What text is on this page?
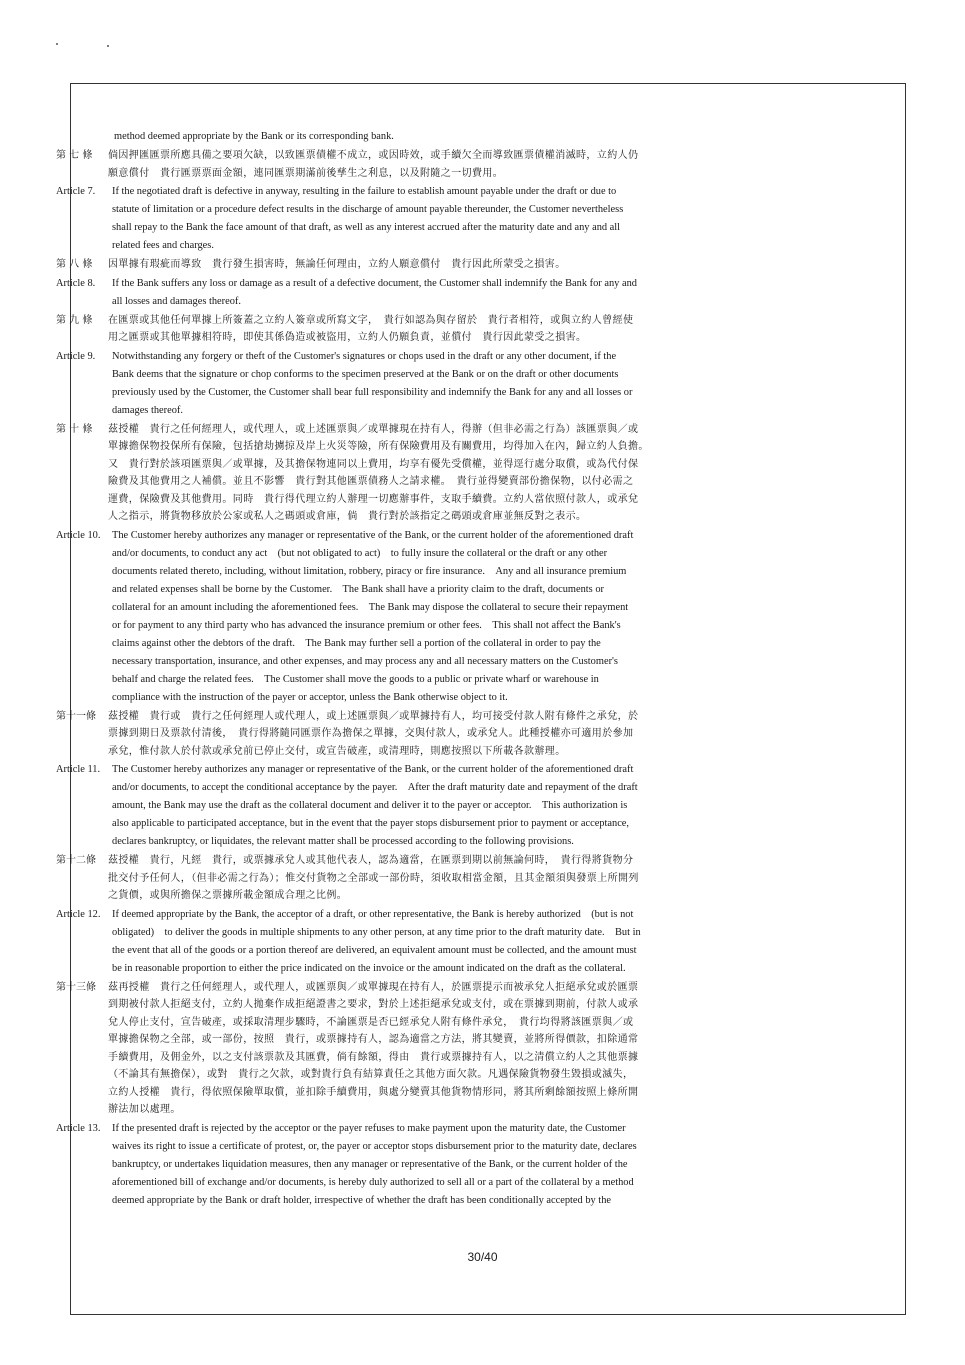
method deemed appropriate by the Bank or its corresponding bank.
第 七 條	倘因押匯匯票所應具備之要項欠缺，以致匯票債權不成立，或因時效，或手續欠全而導致匯票債權消滅時，立約人仍
願意償付　貴行匯票票面金額，連同匯票期滿前後孳生之利息，以及附隨之一切費用。
Article 7.	If the negotiated draft is defective in anyway, resulting in the failure to establish amount payable under the draft or due to
statute of limitation or a procedure defect results in the discharge of amount payable thereunder, the Customer nevertheless
shall repay to the Bank the face amount of that draft, as well as any interest accrued after the maturity date and any and all
related fees and charges.
第 八 條	因單據有瑕疵而導致　貴行發生損害時，無論任何理由，立約人願意償付　貴行因此所蒙受之損害。
Article 8.	If the Bank suffers any loss or damage as a result of a defective document, the Customer shall indemnify the Bank for any and
all losses and damages thereof.
第 九 條	在匯票或其他任何單據上所簽蓋之立約人簽章或所寫文字，　貴行如認為與存留於　貴行者相符，或與立約人曾經使
用之匯票或其他單據相符時，即使其係偽造或被盜用，立約人仍願負責，並償付　貴行因此蒙受之損害。
Article 9.	Notwithstanding any forgery or theft of the Customer's signatures or chops used in the draft or any other document, if the
Bank deems that the signature or chop conforms to the specimen preserved at the Bank or on the draft or other documents
previously used by the Customer, the Customer shall bear full responsibility and indemnify the Bank for any and all losses or
damages thereof.
第 十 條	茲授權　貴行之任何經理人，或代理人，或上述匯票與／或單據現在持有人，得辦（但非必需之行為）該匯票與／或
單據擔保物投保所有保險，包括搶劫擄掠及岸上火災等險，所有保險費用及有關費用，均得加入在內，歸立約人負擔。
又　貴行對於該項匯票與／或單據，及其擔保物連同以上費用，均享有優先受償權，並得逕行處分取償，或為代付保
險費及其他費用之人補償。並且不影響　貴行對其他匯票債務人之請求權。　貴行並得變賣部份擔保物，以付必需之
運費，保險費及其他費用。同時　貴行得代理立約人辦理一切應辦事件，支取手續費。立約人當依照付款人，或承兌
人之指示，將貨物移放於公家或私人之碼頭或倉庫，倘　貴行對於該指定之碼頭或倉庫並無反對之表示。
Article 10.	The Customer hereby authorizes any manager or representative of the Bank, or the current holder of the aforementioned draft
and/or documents, to conduct any act　(but not obligated to act)　to fully insure the collateral or the draft or any other
documents related thereto, including, without limitation, robbery, piracy or fire insurance.　Any and all insurance premium
and related expenses shall be borne by the Customer.　The Bank shall have a priority claim to the draft, documents or
collateral for an amount including the aforementioned fees.　The Bank may dispose the collateral to secure their repayment
or for payment to any third party who has advanced the insurance premium or other fees.　This shall not affect the Bank's
claims against other the debtors of the draft.　The Bank may further sell a portion of the collateral in order to pay the
necessary transportation, insurance, and other expenses, and may process any and all necessary matters on the Customer's
behalf and charge the related fees.　The Customer shall move the goods to a public or private wharf or warehouse in
compliance with the instruction of the payer or acceptor, unless the Bank otherwise object to it.
第十一條	茲授權　貴行或　貴行之任何經理人或代理人，或上述匯票與／或單據持有人，均可接受付款人附有條件之承兌，於
票據到期日及票款付清後，　貴行得將隨同匯票作為擔保之單據，交與付款人，或承兌人。此種授權亦可適用於參加
承兌，惟付款人於付款或承兌前已停止交付，或宣告破產，或清理時，則應按照以下所載各款辦理。
Article 11.	The Customer hereby authorizes any manager or representative of the Bank, or the current holder of the aforementioned draft
and/or documents, to accept the conditional acceptance by the payer.　After the draft maturity date and repayment of the draft
amount, the Bank may use the draft as the collateral document and deliver it to the payer or acceptor.　This authorization is
also applicable to participated acceptance, but in the event that the payer stops disbursement prior to payment or acceptance,
declares bankruptcy, or liquidates, the relevant matter shall be processed according to the following provisions.
第十二條	茲授權　貴行，凡經　貴行，或票據承兌人或其他代表人，認為適當，在匯票到期以前無論何時，　貴行得將貨物分
批交付予任何人，（但非必需之行為）；惟交付貨物之全部或一部份時，須收取相當金額，且其金額須與發票上所開列
之貨價，或與所擔保之票據所載金額成合理之比例。
Article 12.	If deemed appropriate by the Bank, the acceptor of a draft, or other representative, the Bank is hereby authorized　(but is not
obligated)　to deliver the goods in multiple shipments to any other person, at any time prior to the draft maturity date.　But in
the event that all of the goods or a portion thereof are delivered, an equivalent amount must be collected, and the amount must
be in reasonable proportion to either the price indicated on the invoice or the amount indicated on the draft as the collateral.
第十三條	茲再授權　貴行之任何經理人，或代理人，或匯票與／或單據現在持有人，於匯票提示而被承兌人拒絕承兌或於匯票
到期被付款人拒絕支付，立約人拋棄作成拒絕證書之要求，對於上述拒絕承兌或支付，或在票據到期前，付款人或承
兌人停止支付，宣告破產，或採取清理步驟時，不論匯票是否已經承兌人附有條件承兌，　貴行均得將該匯票與／或
單據擔保物之全部，或一部份，按照　貴行，或票據持有人，認為適當之方法，將其變賣，並將所得價款，扣除通常
手續費用，及佣金外，以之支付該票款及其匯費，倘有餘額，得由　貴行或票據持有人，以之清償立約人之其他票據
（不論其有無擔保），或對　貴行之欠款，或對貴行負有結算責任之其他方面欠款。凡遇保險貨物發生毀損或滅失，
立約人授權　貴行，得依照保險單取償，並扣除手續費用，與處分變賣其他貨物情形同，將其所剩餘額按照上條所開
辦法加以處理。
Article 13.	If the presented draft is rejected by the acceptor or the payer refuses to make payment upon the maturity date, the Customer
waives its right to issue a certificate of protest, or, the payer or acceptor stops disbursement prior to the maturity date, declares
bankruptcy, or undertakes liquidation measures, then any manager or representative of the Bank, or the current holder of the
aforementioned bill of exchange and/or documents, is hereby duly authorized to sell all or a part of the collateral by a method
deemed appropriate by the Bank or draft holder, irrespective of whether the draft has been conditionally accepted by the
30/40
